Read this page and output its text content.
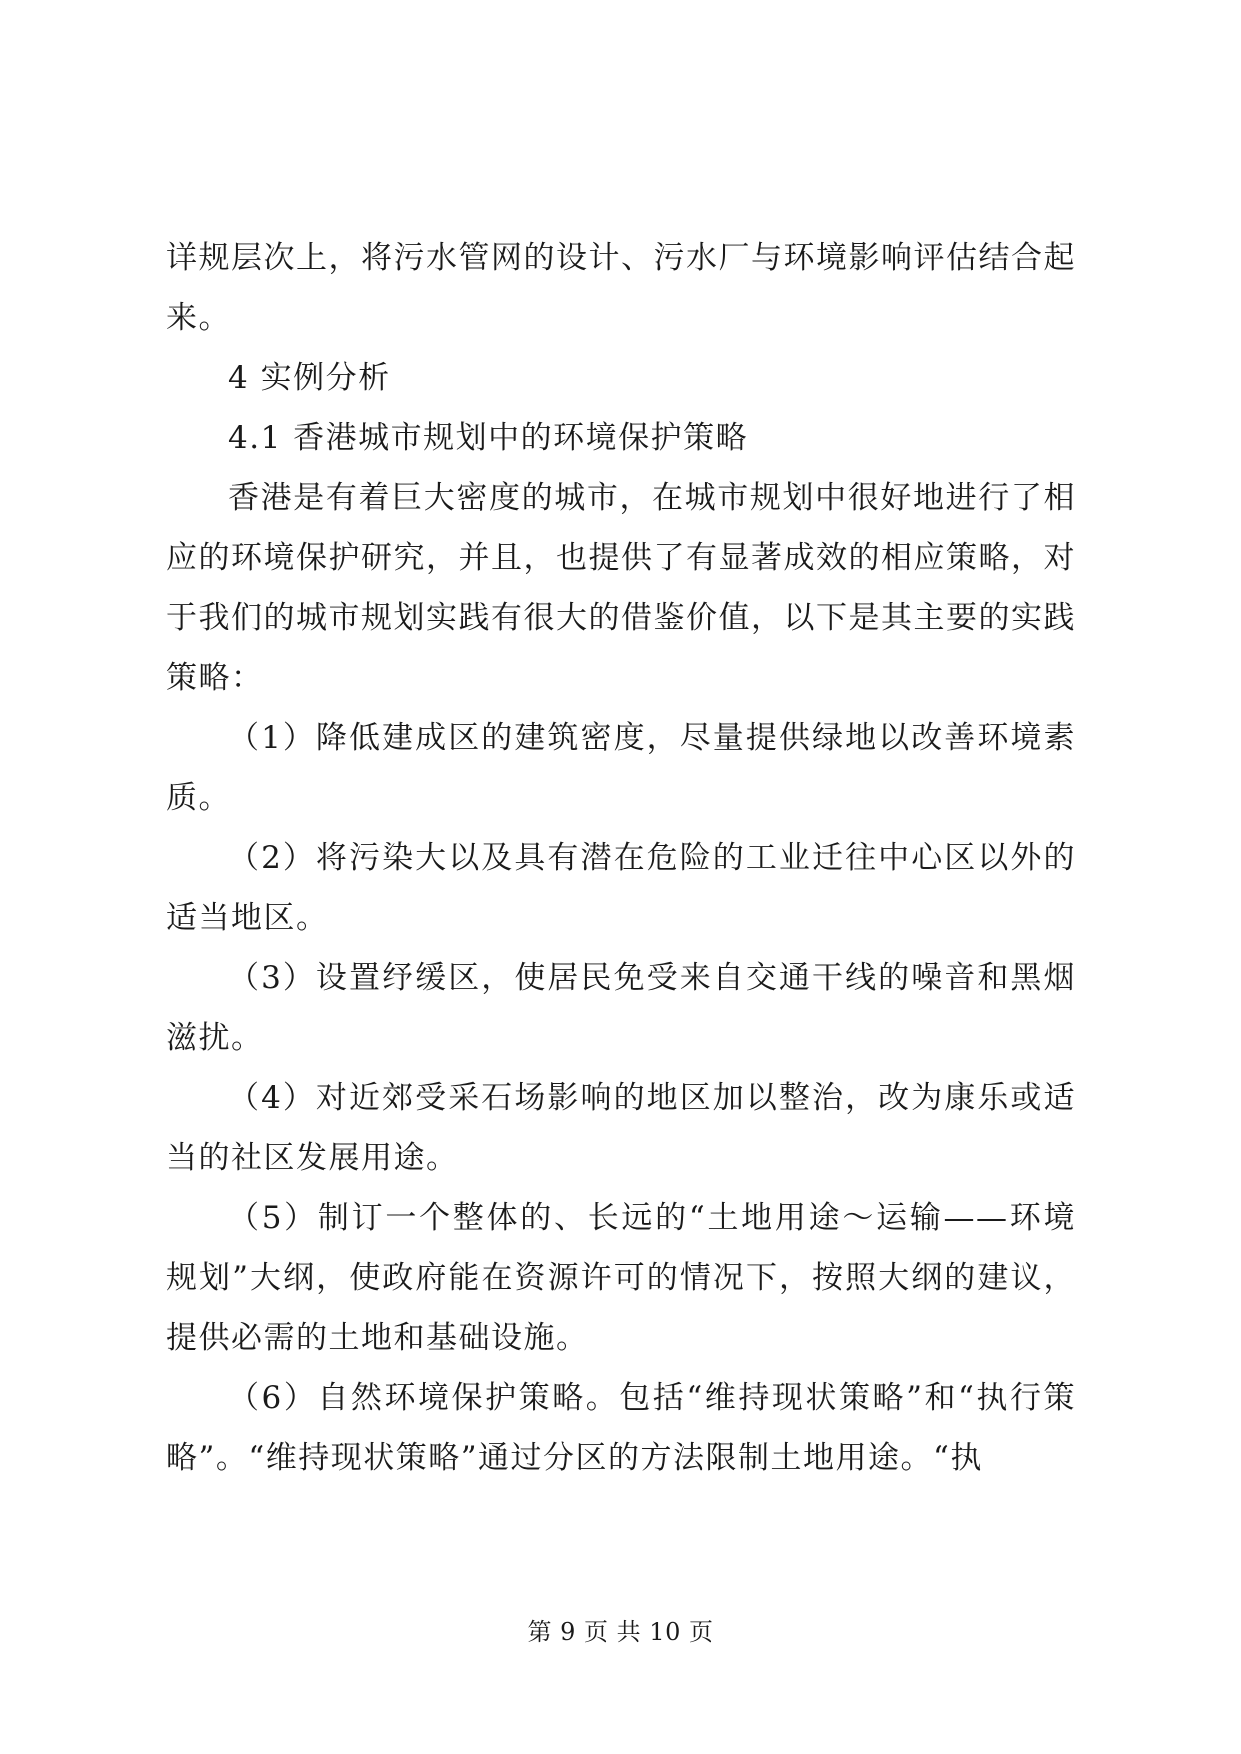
详规层次上，将污水管网的设计、污水厂与环境影响评估结合起来。

4 实例分析

4.1 香港城市规划中的环境保护策略

香港是有着巨大密度的城市，在城市规划中很好地进行了相应的环境保护研究，并且，也提供了有显著成效的相应策略，对于我们的城市规划实践有很大的借鉴价值，以下是其主要的实践策略：

（1）降低建成区的建筑密度，尽量提供绿地以改善环境素质。

（2）将污染大以及具有潜在危险的工业迁往中心区以外的适当地区。

（3）设置纾缓区，使居民免受来自交通干线的噪音和黑烟滋扰。

（4）对近郊受采石场影响的地区加以整治，改为康乐或适当的社区发展用途。

（5）制订一个整体的、长远的“土地用途～运输——环境规划”大纲，使政府能在资源许可的情况下，按照大纲的建议，提供必需的土地和基础设施。

（6）自然环境保护策略。包括“维持现状策略”和“执行策略”。“维持现状策略”通过分区的方法限制土地用途。“执

第 9 页 共 10 页
